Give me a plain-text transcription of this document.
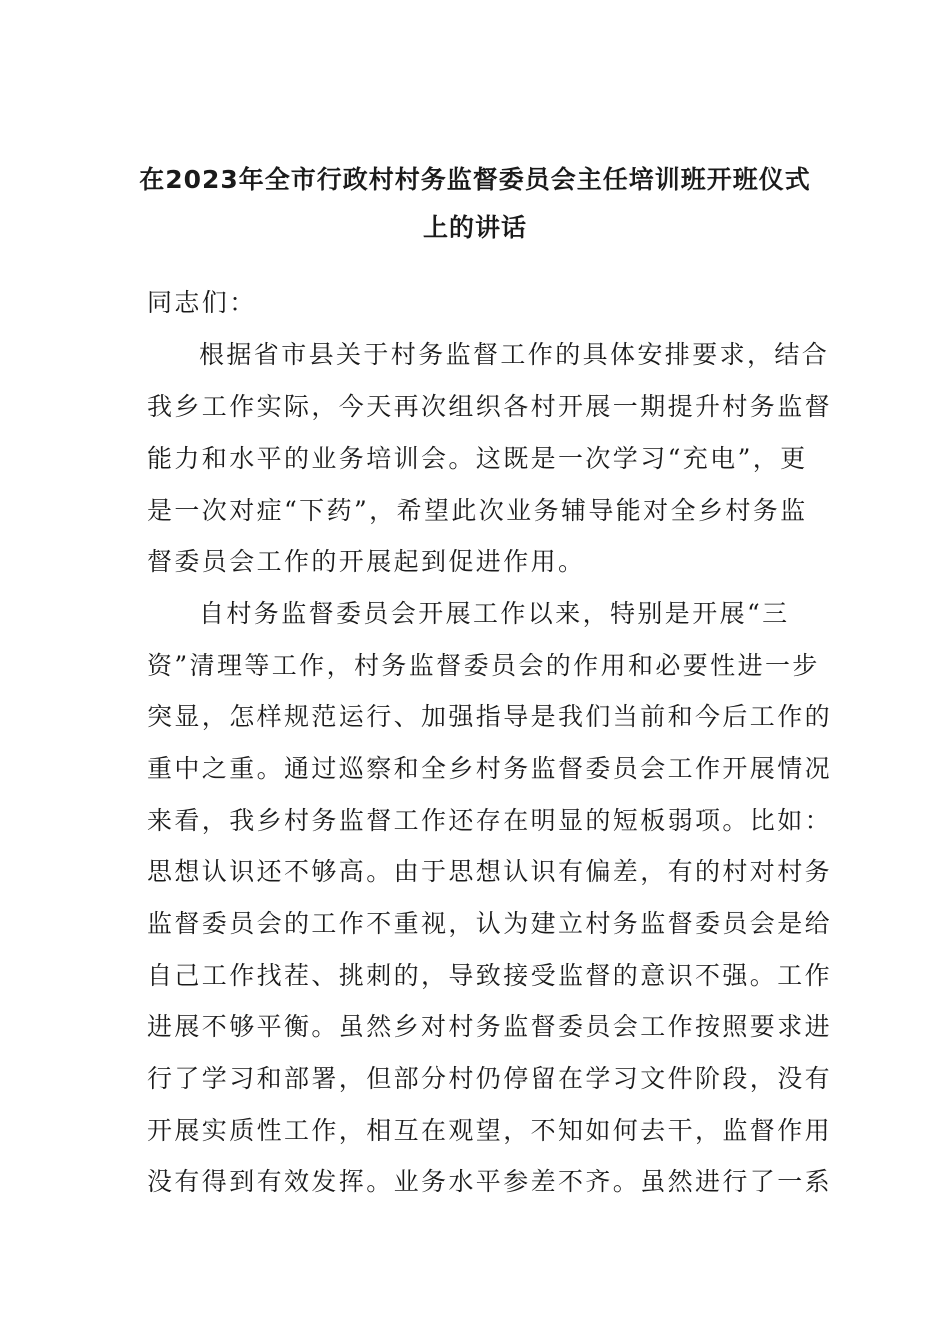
在2023年全市行政村村务监督委员会主任培训班开班仪式
上的讲话
同志们：
根据省市县关于村务监督工作的具体安排要求，结合
我乡工作实际，今天再次组织各村开展一期提升村务监督
能力和水平的业务培训会。这既是一次学习“充电”，更
是一次对症“下药”，希望此次业务辅导能对全乡村务监
督委员会工作的开展起到促进作用。
自村务监督委员会开展工作以来，特别是开展“三
资”清理等工作，村务监督委员会的作用和必要性进一步
突显，怎样规范运行、加强指导是我们当前和今后工作的
重中之重。通过巡察和全乡村务监督委员会工作开展情况
来看，我乡村务监督工作还存在明显的短板弱项。比如：
思想认识还不够高。由于思想认识有偏差，有的村对村务
监督委员会的工作不重视，认为建立村务监督委员会是给
自己工作找茬、挑刺的，导致接受监督的意识不强。工作
进展不够平衡。虽然乡对村务监督委员会工作按照要求进
行了学习和部署，但部分村仍停留在学习文件阶段，没有
开展实质性工作，相互在观望，不知如何去干，监督作用
没有得到有效发挥。业务水平参差不齐。虽然进行了一系
